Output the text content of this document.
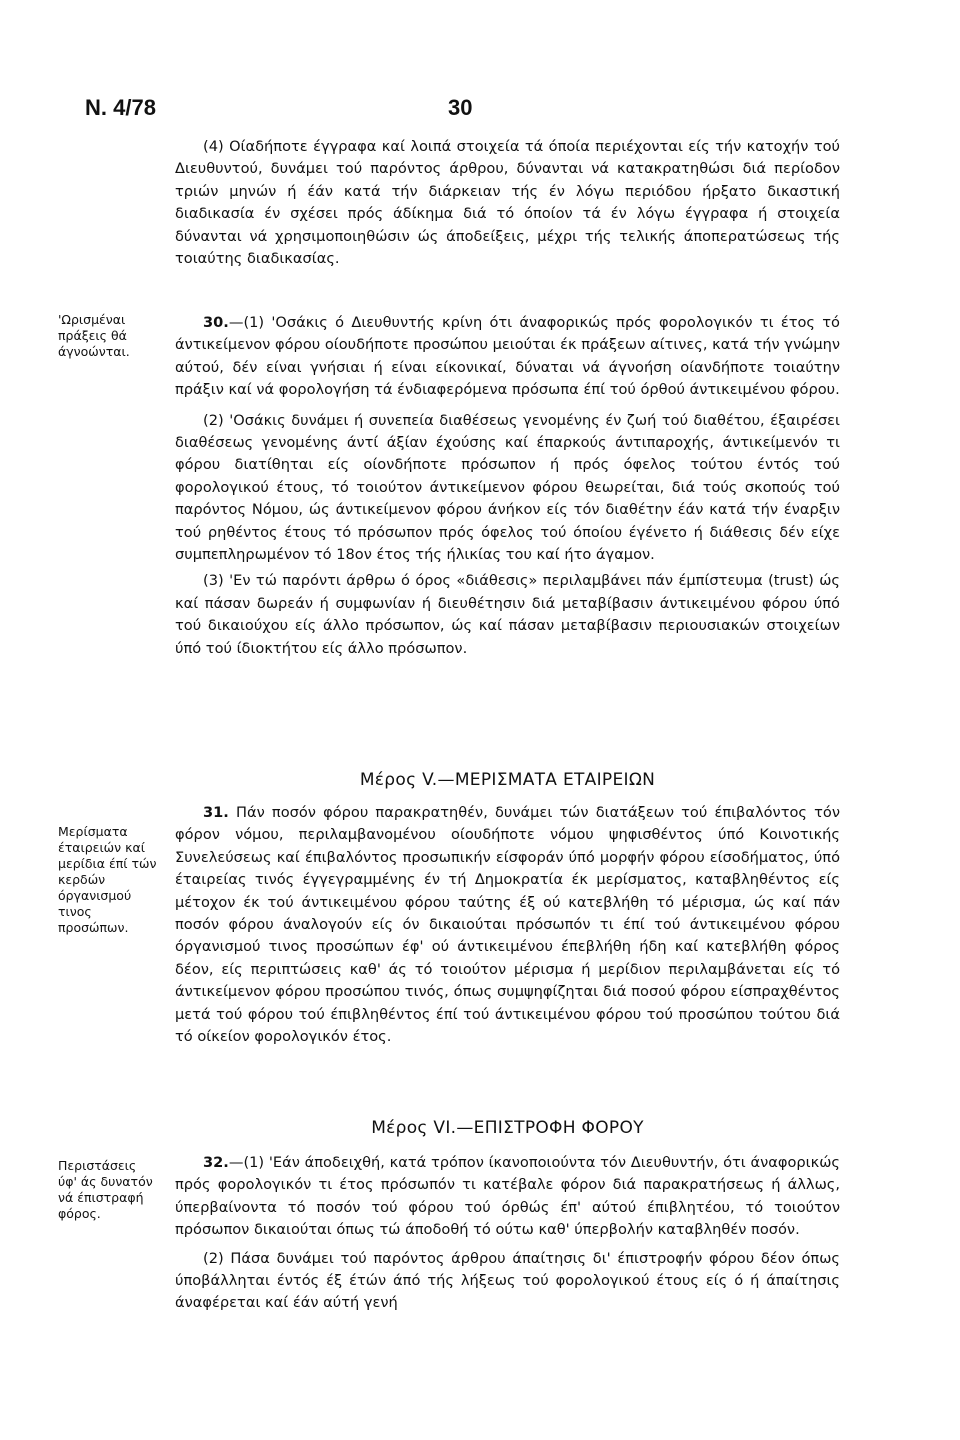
N. 4/78	30
'Ωρισμέναι πράξεις θά άγνοώνται.
Μερίσματα έταιρειών καί μερίδια έπί τών κερδών όργανισμού τινος προσώπων.
Περιστάσεις ύφ' άς δυνατόν νά έπιστραφή φόρος.

(4) Οίαδήποτε έγγραφα καί λοιπά στοιχεία τά όποία περιέχονται είς τήν κατοχήν τού Διευθυντού, δυνάμει τού παρόντος άρθρου, δύνανται νά κατακρατηθώσι διά περίοδον τριών μηνών ή έάν κατά τήν διάρκειαν τής έν λόγω περιόδου ήρξατο δικαστική διαδικασία έν σχέσει πρός άδίκημα διά τό όποίον τά έν λόγω έγγραφα ή στοιχεία δύνανται νά χρησιμοποιηθώσιν ώς άποδείξεις, μέχρι τής τελικής άποπερατώσεως τής τοιαύτης διαδικασίας.

30.—(1) 'Οσάκις ό Διευθυντής κρίνη ότι άναφορικώς πρός φορολογικόν τι έτος τό άντικείμενον φόρου οίουδήποτε προσώπου μειούται έκ πράξεων αίτινες, κατά τήν γνώμην αύτού, δέν είναι γνήσιαι ή είναι είκονικαί, δύναται νά άγνοήση οίανδήποτε τοιαύτην πράξιν καί νά φορολογήση τά ένδιαφερόμενα πρόσωπα έπί τού όρθού άντικειμένου φόρου.

(2) 'Οσάκις δυνάμει ή συνεπεία διαθέσεως γενομένης έν ζωή τού διαθέτου, έξαιρέσει διαθέσεως γενομένης άντί άξίαν έχούσης καί έπαρκούς άντιπαροχής, άντικείμενόν τι φόρου διατίθηται είς οίονδήποτε πρόσωπον ή πρός όφελος τούτου έντός τού φορολογικού έτους, τό τοιούτον άντικείμενον φόρου θεωρείται, διά τούς σκοπούς τού παρόντος Νόμου, ώς άντικείμενον φόρου άνήκον είς τόν διαθέτην έάν κατά τήν έναρξιν τού ρηθέντος έτους τό πρόσωπον πρός όφελος τού όποίου έγένετο ή διάθεσις δέν είχε συμπεπληρωμένον τό 18ον έτος τής ήλικίας του καί ήτο άγαμον.

(3) 'Εν τώ παρόντι άρθρω ό όρος «διάθεσις» περιλαμβάνει πάν έμπίστευμα (trust) ώς καί πάσαν δωρεάν ή συμφωνίαν ή διευθέτησιν διά μεταβίβασιν άντικειμένου φόρου ύπό τού δικαιούχου είς άλλο πρόσωπον, ώς καί πάσαν μεταβίβασιν περιουσιακών στοιχείων ύπό τού ίδιοκτήτου είς άλλο πρόσωπον.

Μέρος V.—ΜΕΡΙΣΜΑΤΑ ΕΤΑΙΡΕΙΩΝ

31. Πάν ποσόν φόρου παρακρατηθέν, δυνάμει τών διατάξεων τού έπιβαλόντος τόν φόρον νόμου, περιλαμβανομένου οίουδήποτε νόμου ψηφισθέντος ύπό Κοινοτικής Συνελεύσεως καί έπιβαλόντος προσωπικήν είσφοράν ύπό μορφήν φόρου είσοδήματος, ύπό έταιρείας τινός έγγεγραμμένης έν τή Δημοκρατία έκ μερίσματος, καταβληθέντος είς μέτοχον έκ τού άντικειμένου φόρου ταύτης έξ ού κατεβλήθη τό μέρισμα, ώς καί πάν ποσόν φόρου άναλογούν είς όν δικαιούται πρόσωπόν τι έπί τού άντικειμένου φόρου όργανισμού τινος προσώπων έφ' ού άντικειμένου έπεβλήθη ήδη καί κατεβλήθη φόρος δέον, είς περιπτώσεις καθ' άς τό τοιούτον μέρισμα ή μερίδιον περιλαμβάνεται είς τό άντικείμενον φόρου προσώπου τινός, όπως συμψηφίζηται διά ποσού φόρου είσπραχθέντος μετά τού φόρου τού έπιβληθέντος έπί τού άντικειμένου φόρου τού προσώπου τούτου διά τό οίκείον φορολογικόν έτος.

Μέρος VI.—ΕΠΙΣΤΡΟΦΗ ΦΟΡΟΥ

32.—(1) 'Εάν άποδειχθή, κατά τρόπον ίκανοποιούντα τόν Διευθυντήν, ότι άναφορικώς πρός φορολογικόν τι έτος πρόσωπόν τι κατέβαλε φόρον διά παρακρατήσεως ή άλλως, ύπερβαίνοντα τό ποσόν τού φόρου τού όρθώς έπ' αύτού έπιβλητέου, τό τοιούτον πρόσωπον δικαιούται όπως τώ άποδοθή τό ούτω καθ' ύπερβολήν καταβληθέν ποσόν.

(2) Πάσα δυνάμει τού παρόντος άρθρου άπαίτησις δι' έπιστροφήν φόρου δέον όπως ύποβάλληται έντός έξ έτών άπό τής λήξεως τού φορολογικού έτους είς ό ή άπαίτησις άναφέρεται καί έάν αύτή γενή
